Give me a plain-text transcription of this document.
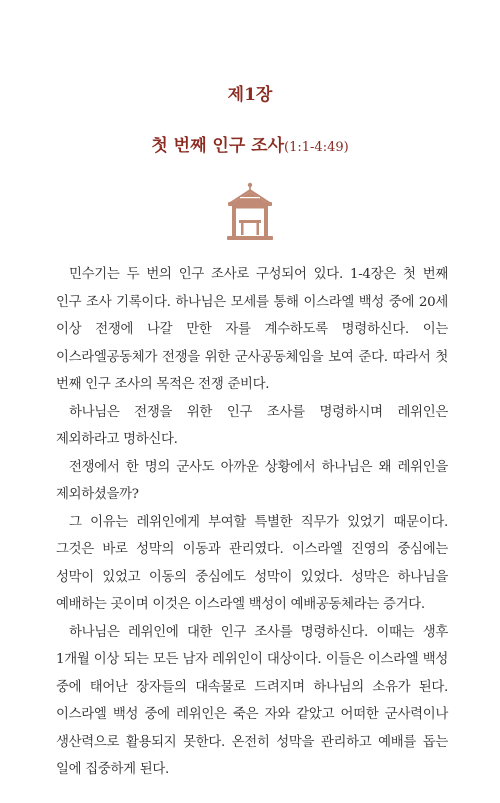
제1장
첫 번째 인구 조사(1:1-4:49)

민수기는 두 번의 인구 조사로 구성되어 있다. 1-4장은 첫 번째 인구 조사 기록이다. 하나님은 모세를 통해 이스라엘 백성 중에 20세 이상 전쟁에 나갈 만한 자를 계수하도록 명령하신다. 이는 이스라엘공동체가 전쟁을 위한 군사공동체임을 보여 준다. 따라서 첫 번째 인구 조사의 목적은 전쟁 준비다.

하나님은 전쟁을 위한 인구 조사를 명령하시며 레위인은 제외하라고 명하신다.

전쟁에서 한 명의 군사도 아까운 상황에서 하나님은 왜 레위인을 제외하셨을까?

그 이유는 레위인에게 부여할 특별한 직무가 있었기 때문이다. 그것은 바로 성막의 이동과 관리였다. 이스라엘 진영의 중심에는 성막이 있었고 이동의 중심에도 성막이 있었다. 성막은 하나님을 예배하는 곳이며 이것은 이스라엘 백성이 예배공동체라는 증거다.

하나님은 레위인에 대한 인구 조사를 명령하신다. 이때는 생후 1개월 이상 되는 모든 남자 레위인이 대상이다. 이들은 이스라엘 백성 중에 태어난 장자들의 대속물로 드려지며 하나님의 소유가 된다. 이스라엘 백성 중에 레위인은 죽은 자와 같았고 어떠한 군사력이나 생산력으로 활용되지 못한다. 온전히 성막을 관리하고 예배를 돕는 일에 집중하게 된다.
